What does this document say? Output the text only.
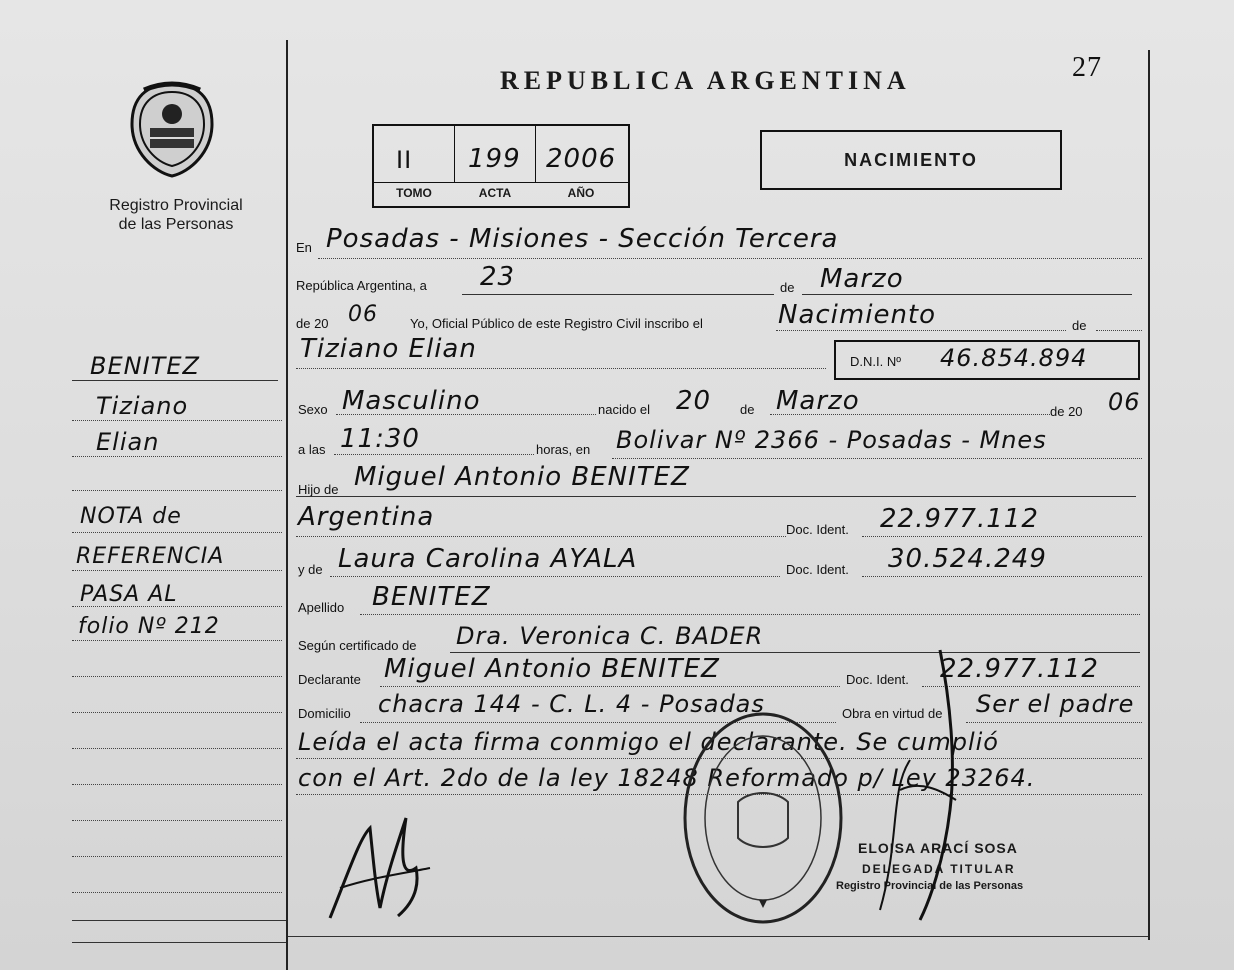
27
Registro Provincial
de las Personas
BENITEZ
Tiziano
Elian
NOTA de
REFERENCIA
PASA AL
folio Nº 212
REPUBLICA ARGENTINA
II 199 2006
TOMO	ACTA	AÑO
NACIMIENTO
En Posadas - Misiones - Sección Tercera
República Argentina, a 23	de Marzo
de 20 06 Yo, Oficial Público de este Registro Civil inscribo el	Nacimiento	de
Tiziano Elian	D.N.I. Nº 46.854.894
Sexo Masculino	nacido el 20 de Marzo	de 20 06
a las 11:30	horas, en Bolivar Nº 2366 - Posadas - Mnes
Hijo de Miguel Antonio BENITEZ
Argentina	Doc. Ident. 22.977.112
y de Laura Carolina AYALA	Doc. Ident. 30.524.249
Apellido BENITEZ
Según certificado de Dra. Veronica C. BADER
Declarante Miguel Antonio BENITEZ	Doc. Ident. 22.977.112
Domicilio chacra 144 - C. L. 4 - Posadas	Obra en virtud de Ser el padre
Leída el acta firma conmigo el declarante. Se cumplió
con el Art. 2do de la ley 18248 Reformado p/ Ley 23264.
ELOISA ARACÍ SOSA
DELEGADA TITULAR
Registro Provincial de las Personas
